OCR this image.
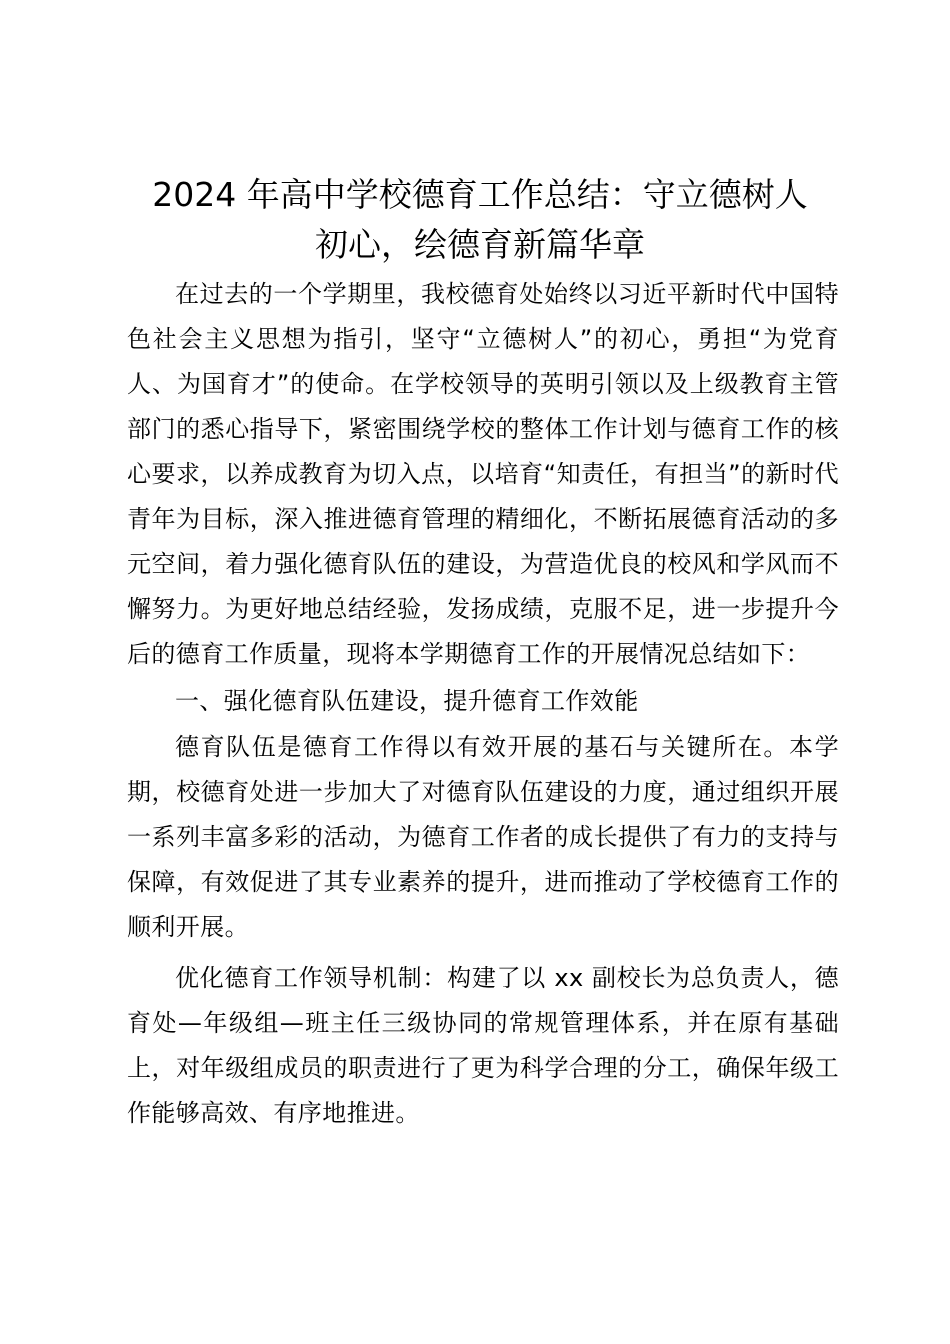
2024 年高中学校德育工作总结：守立德树人
初心，绘德育新篇华章

在过去的一个学期里，我校德育处始终以习近平新时代中国特色社会主义思想为指引，坚守“立德树人”的初心，勇担“为党育人、为国育才”的使命。在学校领导的英明引领以及上级教育主管部门的悉心指导下，紧密围绕学校的整体工作计划与德育工作的核心要求，以养成教育为切入点，以培育“知责任，有担当”的新时代青年为目标，深入推进德育管理的精细化，不断拓展德育活动的多元空间，着力强化德育队伍的建设，为营造优良的校风和学风而不懈努力。为更好地总结经验，发扬成绩，克服不足，进一步提升今后的德育工作质量，现将本学期德育工作的开展情况总结如下：

一、强化德育队伍建设，提升德育工作效能

德育队伍是德育工作得以有效开展的基石与关键所在。本学期，校德育处进一步加大了对德育队伍建设的力度，通过组织开展一系列丰富多彩的活动，为德育工作者的成长提供了有力的支持与保障，有效促进了其专业素养的提升，进而推动了学校德育工作的顺利开展。

优化德育工作领导机制：构建了以 xx 副校长为总负责人，德育处—年级组—班主任三级协同的常规管理体系，并在原有基础上，对年级组成员的职责进行了更为科学合理的分工，确保年级工作能够高效、有序地推进。
